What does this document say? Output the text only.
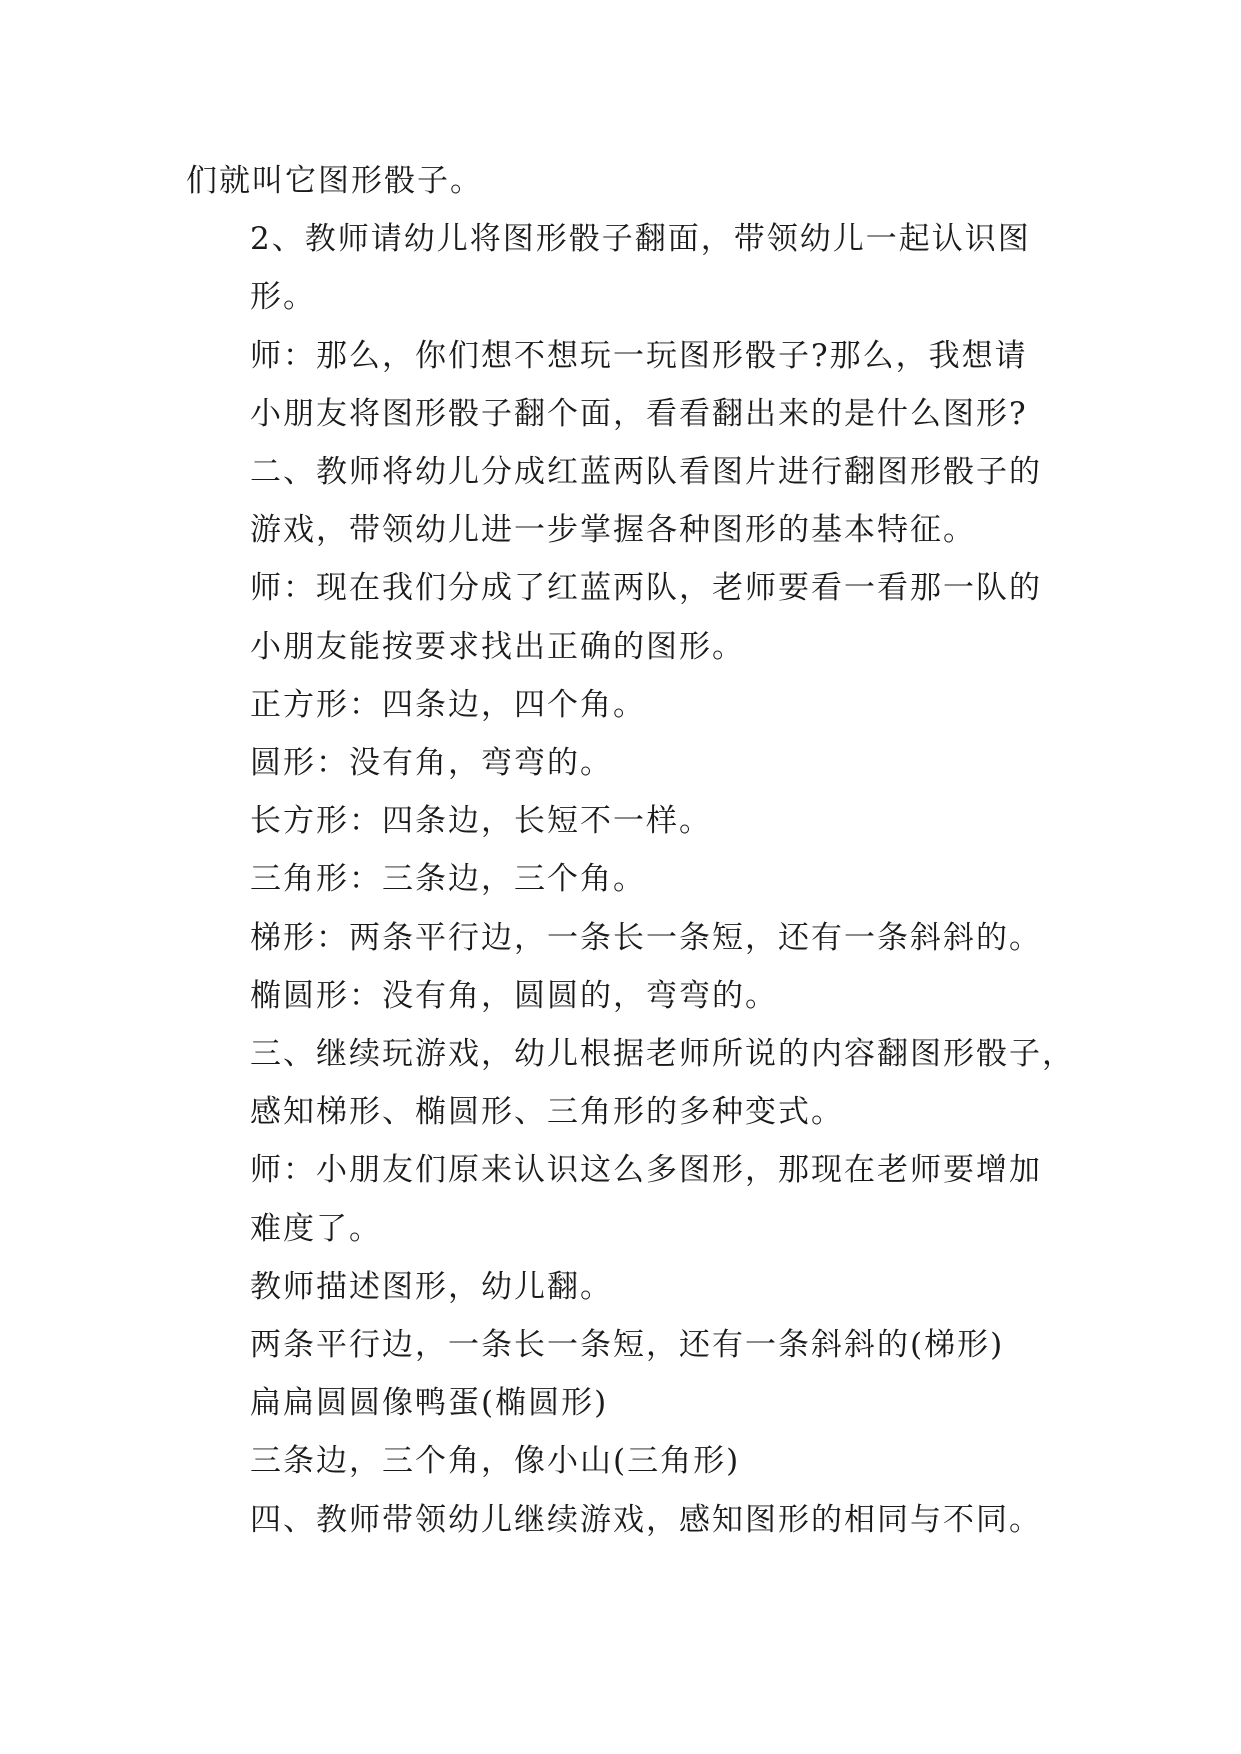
们就叫它图形骰子。

2、教师请幼儿将图形骰子翻面，带领幼儿一起认识图
形。

师：那么，你们想不想玩一玩图形骰子?那么，我想请
小朋友将图形骰子翻个面，看看翻出来的是什么图形?

二、教师将幼儿分成红蓝两队看图片进行翻图形骰子的
游戏，带领幼儿进一步掌握各种图形的基本特征。

师：现在我们分成了红蓝两队，老师要看一看那一队的
小朋友能按要求找出正确的图形。

正方形：四条边，四个角。

圆形：没有角，弯弯的。

长方形：四条边，长短不一样。

三角形：三条边，三个角。

梯形：两条平行边，一条长一条短，还有一条斜斜的。

椭圆形：没有角，圆圆的，弯弯的。

三、继续玩游戏，幼儿根据老师所说的内容翻图形骰子，
感知梯形、椭圆形、三角形的多种变式。

师：小朋友们原来认识这么多图形，那现在老师要增加
难度了。

教师描述图形，幼儿翻。

两条平行边，一条长一条短，还有一条斜斜的(梯形)

扁扁圆圆像鸭蛋(椭圆形)

三条边，三个角，像小山(三角形)

四、教师带领幼儿继续游戏，感知图形的相同与不同。
